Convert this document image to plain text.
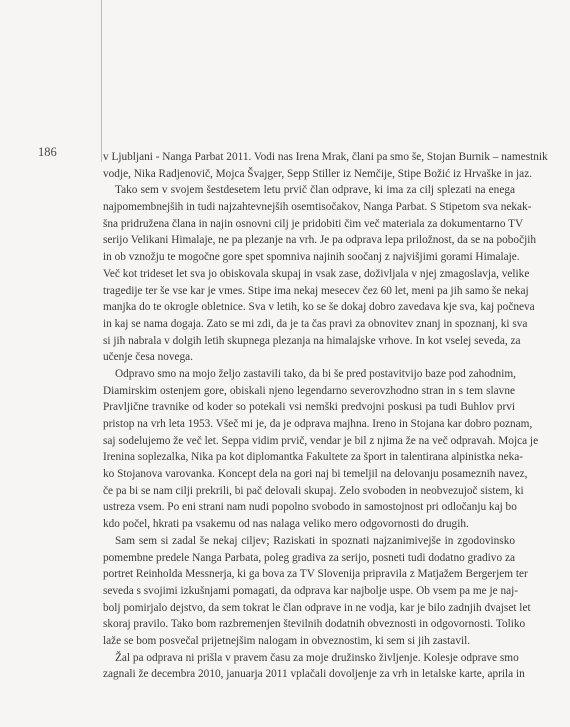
186	v Ljubljani - Nanga Parbat 2011. Vodi nas Irena Mrak, člani pa smo še, Stojan Burnik – namestnik
vodje, Nika Radjenovič, Mojca Švajger, Sepp Stiller iz Nemčije, Stipe Božić iz Hrvaške in jaz.
Tako sem v svojem šestdesetem letu prvič član odprave, ki ima za cilj splezati na enega
najpomembnejših in tudi najzahtevnejših osemtisočakov, Nanga Parbat. S Stipetom sva nekak-
šna pridružena člana in najin osnovni cilj je pridobiti čim več materiala za dokumentarno TV
serijo Velikani Himalaje, ne pa plezanje na vrh. Je pa odprava lepa priložnost, da se na pobočjih
in ob vznožju te mogočne gore spet spomniva najinih soočanj z najvišjimi gorami Himalaje.
Več kot trideset let sva jo obiskovala skupaj in vsak zase, doživljala v njej zmagoslavja, velike
tragedije ter še vse kar je vmes. Stipe ima nekaj mesecev čez 60 let, meni pa jih samo še nekaj
manjka do te okrogle obletnice. Sva v letih, ko se še dokaj dobro zavedava kje sva, kaj počneva
in kaj se nama dogaja. Zato se mi zdi, da je ta čas pravi za obnovitev znanj in spoznanj, ki sva
si jih nabrala v dolgih letih skupnega plezanja na himalajske vrhove. In kot vselej seveda, za
učenje česa novega.
Odpravo smo na mojo željo zastavili tako, da bi še pred postavitvijo baze pod zahodnim,
Diamirskim ostenjem gore, obiskali njeno legendarno severovzhodno stran in s tem slavne
Pravljične travnike od koder so potekali vsi nemški predvojni poskusi pa tudi Buhlov prvi
pristop na vrh leta 1953. Všeč mi je, da je odprava majhna. Ireno in Stojana kar dobro poznam,
saj sodelujemo že več let. Seppa vidim prvič, vendar je bil z njima že na več odpravah. Mojca je
Irenina soplezalka, Nika pa kot diplomantka Fakultete za šport in talentirana alpinistka neka-
ko Stojanova varovanka. Koncept dela na gori naj bi temeljil na delovanju posameznih navez,
če pa bi se nam cilji prekrili, bi pač delovali skupaj. Zelo svoboden in neobvezujoč sistem, ki
ustreza vsem. Po eni strani nam nudi popolno svobodo in samostojnost pri odločanju kaj bo
kdo počel, hkrati pa vsakemu od nas nalaga veliko mero odgovornosti do drugih.
Sam sem si zadal še nekaj ciljev; Raziskati in spoznati najzanimivejše in zgodovinsko
pomembne predele Nanga Parbata, poleg gradiva za serijo, posneti tudi dodatno gradivo za
portret Reinholda Messnerja, ki ga bova za TV Slovenija pripravila z Matjažem Bergerjem ter
seveda s svojimi izkušnjami pomagati, da odprava kar najbolje uspe. Ob vsem pa me je naj-
bolj pomirjalo dejstvo, da sem tokrat le član odprave in ne vodja, kar je bilo zadnjih dvajset let
skoraj pravilo. Tako bom razbremenjen številnih dodatnih obveznosti in odgovornosti. Toliko
laže se bom posvečal prijetnejšim nalogam in obveznostim, ki sem si jih zastavil.
Žal pa odprava ni prišla v pravem času za moje družinsko življenje. Kolesje odprave smo
zagnali že decembra 2010, januarja 2011 vplačali dovoljenje za vrh in letalske karte, aprila in
